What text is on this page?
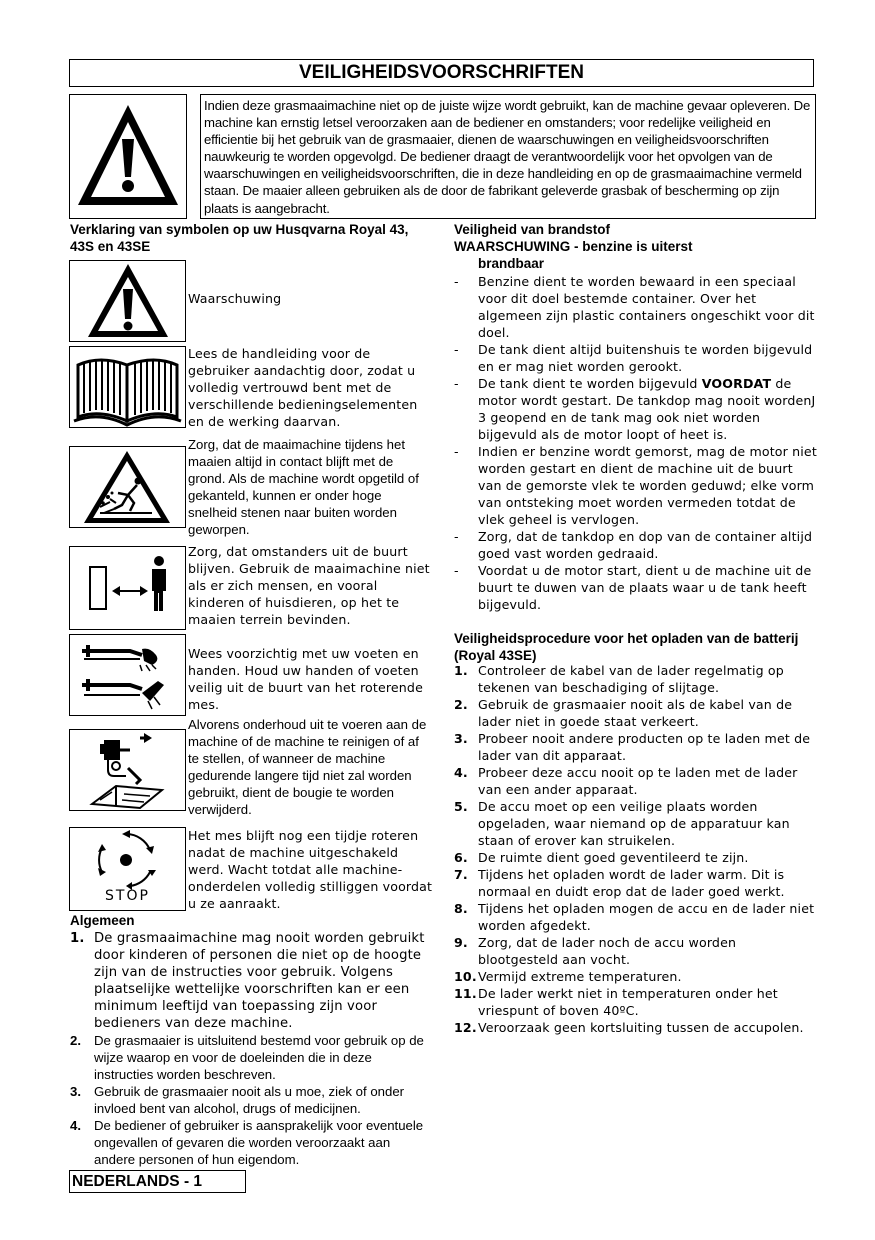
VEILIGHEIDSVOORSCHRIFTEN
Indien deze grasmaaimachine niet op de juiste wijze wordt gebruikt, kan de machine gevaar opleveren. De machine kan ernstig letsel veroorzaken aan de bediener en omstanders; voor redelijke veiligheid en efficientie bij het gebruik van de grasmaaier, dienen de waarschuwingen en veiligheidsvoorschriften nauwkeurig te worden opgevolgd. De bediener draagt de verantwoordelijk voor het opvolgen van de waarschuwingen en veiligheidsvoorschriften, die in deze handleiding en op de grasmaaimachine vermeld staan. De maaier alleen gebruiken als de door de fabrikant geleverde grasbak of bescherming op zijn plaats is aangebracht.
Verklaring van symbolen op uw Husqvarna Royal 43, 43S en 43SE
Waarschuwing
Lees de handleiding voor de gebruiker aandachtig door, zodat u volledig vertrouwd bent met de verschillende bedieningselementen en de werking daarvan.
Zorg, dat de maaimachine tijdens het maaien altijd in contact blijft met de grond. Als de machine wordt opgetild of gekanteld, kunnen er onder hoge snelheid stenen naar buiten worden geworpen.
Zorg, dat omstanders uit de buurt blijven. Gebruik de maaimachine niet als er zich mensen, en vooral kinderen of huisdieren, op het te maaien terrein bevinden.
Wees voorzichtig met uw voeten en handen. Houd uw handen of voeten veilig uit de buurt van het roterende mes.
Alvorens onderhoud uit te voeren aan de machine of de machine te reinigen of af te stellen, of wanneer de machine gedurende langere tijd niet zal worden gebruikt, dient de bougie te worden verwijderd.
STOP
Het mes blijft nog een tijdje roteren nadat de machine uitgeschakeld werd. Wacht totdat alle machine-onderdelen volledig stilliggen voordat u ze aanraakt.
Algemeen
1. De grasmaaimachine mag nooit worden gebruikt door kinderen of personen die niet op de hoogte zijn van de instructies voor gebruik. Volgens plaatselijke wettelijke voorschriften kan er een minimum leeftijd van toepassing zijn voor bedieners van deze machine.
2. De grasmaaier is uitsluitend bestemd voor gebruik op de wijze waarop en voor de doeleinden die in deze instructies worden beschreven.
3. Gebruik de grasmaaier nooit als u moe, ziek of onder invloed bent van alcohol, drugs of medicijnen.
4. De bediener of gebruiker is aansprakelijk voor eventuele ongevallen of gevaren die worden veroorzaakt aan andere personen of hun eigendom.
Veiligheid van brandstof
WAARSCHUWING - benzine is uiterst
brandbaar
- Benzine dient te worden bewaard in een speciaal voor dit doel bestemde container. Over het algemeen zijn plastic containers ongeschikt voor dit doel.
- De tank dient altijd buitenshuis te worden bijgevuld en er mag niet worden gerookt.
- De tank dient te worden bijgevuld VOORDAT de motor wordt gestart. De tankdop mag nooit wordenJ 3 geopend en de tank mag ook niet worden bijgevuld als de motor loopt of heet is.
- Indien er benzine wordt gemorst, mag de motor niet worden gestart en dient de machine uit de buurt van de gemorste vlek te worden geduwd; elke vorm van ontsteking moet worden vermeden totdat de vlek geheel is vervlogen.
- Zorg, dat de tankdop en dop van de container altijd goed vast worden gedraaid.
- Voordat u de motor start, dient u de machine uit de buurt te duwen van de plaats waar u de tank heeft bijgevuld.
Veiligheidsprocedure voor het opladen van de batterij (Royal 43SE)
1. Controleer de kabel van de lader regelmatig op tekenen van beschadiging of slijtage.
2. Gebruik de grasmaaier nooit als de kabel van de lader niet in goede staat verkeert.
3. Probeer nooit andere producten op te laden met de lader van dit apparaat.
4. Probeer deze accu nooit op te laden met de lader van een ander apparaat.
5. De accu moet op een veilige plaats worden opgeladen, waar niemand op de apparatuur kan staan of erover kan struikelen.
6. De ruimte dient goed geventileerd te zijn.
7. Tijdens het opladen wordt de lader warm. Dit is normaal en duidt erop dat de lader goed werkt.
8. Tijdens het opladen mogen de accu en de lader niet worden afgedekt.
9. Zorg, dat de lader noch de accu worden blootgesteld aan vocht.
10. Vermijd extreme temperaturen.
11. De lader werkt niet in temperaturen onder het vriespunt of boven 40ºC.
12. Veroorzaak geen kortsluiting tussen de accupolen.
NEDERLANDS - 1
